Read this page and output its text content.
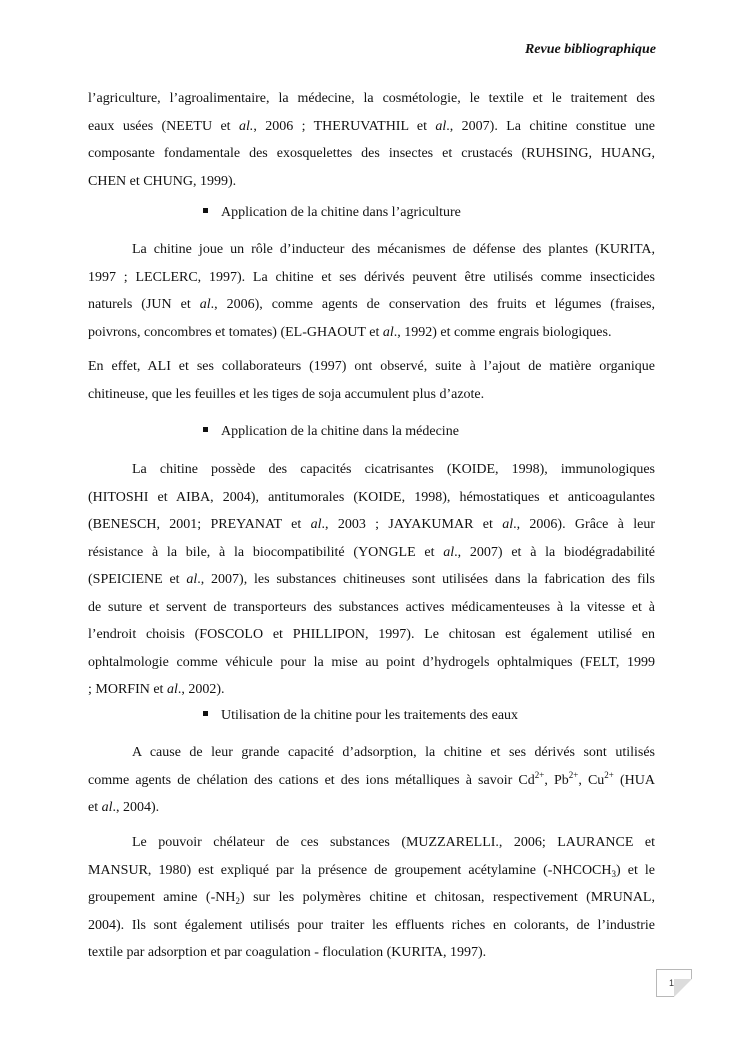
Revue bibliographique
l’agriculture, l’agroalimentaire, la médecine, la cosmétologie, le textile et le traitement des
eaux usées (NEETU et al., 2006 ; THERUVATHIL et al., 2007). La chitine constitue une
composante fondamentale des exosquelettes des insectes et crustacés (RUHSING, HUANG,
CHEN et CHUNG, 1999).
Application de la chitine dans l’agriculture
La chitine joue un rôle d’inducteur des mécanismes de défense des plantes (KURITA,
1997 ; LECLERC, 1997). La chitine et ses dérivés peuvent être utilisés comme insecticides
naturels (JUN et al., 2006), comme agents de conservation des fruits et légumes (fraises,
poivrons, concombres et tomates) (EL-GHAOUT et al., 1992) et comme engrais biologiques.
En effet, ALI et ses collaborateurs (1997) ont observé, suite à l’ajout de matière organique
chitineuse, que les feuilles et les tiges de soja accumulent plus d’azote.
Application de la chitine dans la médecine
La chitine possède des capacités cicatrisantes (KOIDE, 1998), immunologiques
(HITOSHI et AIBA, 2004), antitumorales (KOIDE, 1998), hémostatiques et anticoagulantes
(BENESCH, 2001; PREYANAT et al., 2003 ; JAYAKUMAR et al., 2006). Grâce à leur
résistance à la bile, à la biocompatibilité (YONGLE et al., 2007) et à la biodégradabilité
(SPEICIENE et al., 2007), les substances chitineuses sont utilisées dans la fabrication des fils
de suture et servent de transporteurs des substances actives médicamenteuses à la vitesse et à
l’endroit choisis (FOSCOLO et PHILLIPON, 1997). Le chitosan est également utilisé en
ophtalmologie comme véhicule pour la mise au point d’hydrogels ophtalmiques (FELT, 1999
; MORFIN et al., 2002).
Utilisation de la chitine pour les traitements des eaux
A cause de leur grande capacité d’adsorption, la chitine et ses dérivés sont utilisés
comme agents de chélation des cations et des ions métalliques à savoir $Cd^{2+}$, $Pb^{2+}$, $Cu^{2+}$ (HUA
et al., 2004).
Le pouvoir chélateur de ces substances (MUZZARELLI., 2006; LAURANCE et
MANSUR, 1980) est expliqué par la présence de groupement acétylamine $(-NHCOCH_3)$ et le
groupement amine $(-NH_2)$ sur les polymères chitine et chitosan, respectivement (MRUNAL,
2004). Ils sont également utilisés pour traiter les effluents riches en colorants, de l’industrie
textile par adsorption et par coagulation - floculation (KURITA, 1997).
14
